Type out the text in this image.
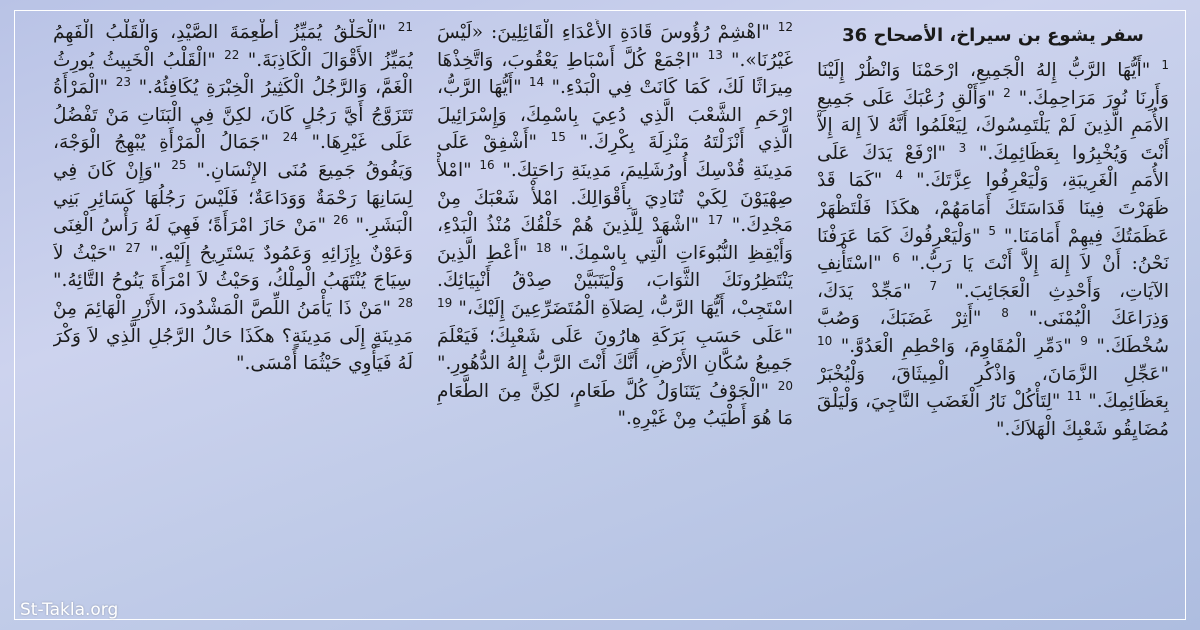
سفر يشوع بن سيراخ، الأصحاح 36
$^1$ "أَيُّهَا الرَّبُّ إِلهُ الْجَمِيعِ، ارْحَمْنَا وَانْظُرْ إِلَيْنَا وَأَرِنَا نُورَ مَرَاحِمِكَ." $^2$ "وَأَلْقِ رُعْبَكَ عَلَى جَمِيعِ الأُمَمِ الَّذِينَ لَمْ يَلْتَمِسُوكَ، لِيَعْلَمُوا أَنَّهُ لاَ إِلهَ إِلاَّ أَنْتَ وَيُخْبِرُوا بِعَظَائِمِكَ." $^3$ "ارْفَعْ يَدَكَ عَلَى الأُمَمِ الْغَرِيبَةِ، وَلْيَعْرِفُوا عِزَّتَكَ." $^4$ "كَمَا قَدْ ظَهَرْتَ فِينَا قَدَاسَتَكَ أَمَامَهُمْ، هكَذَا فَلْتَظْهَرْ عَظَمَتُكَ فِيهِمْ أَمَامَنَا." $^5$ "وَلْيَعْرِفُوكَ كَمَا عَرَفْنَا نَحْنُ: أَنْ لاَ إِلهَ إِلاَّ أَنْتَ يَا رَبُّ." $^6$ "اسْتَأْنِفِ الآيَاتِ، وَأَحْدِثِ الْعَجَائِبَ." $^7$ "مَجِّدْ يَدَكَ، وَذِرَاعَكَ الْيُمْنَى." $^8$ "أَثِرْ غَضَبَكَ، وَصُبَّ سُخْطَكَ." $^9$ "دَمِّرِ الْمُقَاوِمَ، وَاحْطِمِ الْعَدُوَّ." $^{10}$ "عَجِّلِ الزَّمَانَ، وَاذْكُرِ الْمِيثَاقَ، وَلْيُخْبَرْ بِعَظَائِمِكَ." $^{11}$ "لِتَأْكُلْ نَارُ الْغَضَبِ النَّاجِيَ، وَلْيَلْقَ مُضَايِقُو شَعْبِكَ الْهَلاَكَ."
$^{12}$ "اهْشِمْ رُؤُوسَ قَادَةِ الأَعْدَاءِ الْقَائِلِينَ: «لَيْسَ غَيْرُنَا»." $^{13}$ "اجْمَعْ كُلَّ أَسْبَاطِ يَعْقُوبَ، وَاتَّخِذْهَا مِيرَاثًا لَكَ، كَمَا كَانَتْ فِي الْبَدْءِ." $^{14}$ "أَيُّهَا الرَّبُّ، ارْحَمِ الشَّعْبَ الَّذِي دُعِيَ بِاسْمِكَ، وَإِسْرَائِيلَ الَّذِي أَنْزَلْتَهُ مَنْزِلَةَ بِكْرِكَ." $^{15}$ "أَشْفِقْ عَلَى مَدِينَةِ قُدْسِكَ أُورُشَلِيمَ، مَدِينَةِ رَاحَتِكَ." $^{16}$ "امْلأْ صِهْيَوْنَ لِكَيْ تُنَادِيَ بِأَقْوَالِكَ. امْلأْ شَعْبَكَ مِنْ مَجْدِكَ." $^{17}$ "اشْهَدْ لِلَّذِينَ هُمْ خَلْقُكَ مُنْذُ الْبَدْءِ، وَأَيْقِظِ النُّبُوءَاتِ الَّتِي بِاسْمِكَ." $^{18}$ "أَعْطِ الَّذِينَ يَنْتَظِرُونَكَ الثَّوَابَ، وَلْيَتَبَيَّنْ صِدْقُ أَنْبِيَائِكَ. اسْتَجِبْ، أَيُّهَا الرَّبُّ، لِصَلاَةِ الْمُتَضَرِّعِينَ إِلَيْكَ،" $^{19}$ "عَلَى حَسَبِ بَرَكَةِ هارُونَ عَلَى شَعْبِكَ؛ فَيَعْلَمَ جَمِيعُ سُكَّانِ الأَرْضِ، أَنَّكَ أَنْتَ الرَّبُّ إِلهُ الدُّهُورِ." $^{20}$ "الْجَوْفُ يَتَنَاوَلُ كُلَّ طَعَامٍ، لكِنَّ مِنَ الطَّعَامِ مَا هُوَ أَطْيَبُ مِنْ غَيْرِهِ."
$^{21}$ "الْحَلْقُ يُمَيِّزُ أَطْعِمَةَ الصَّيْدِ، وَالْقَلْبُ الْفَهِمُ يُمَيِّزُ الأَقْوَالَ الْكَاذِبَةَ." $^{22}$ "الْقَلْبُ الْخَبِيثُ يُورِثُ الْغَمَّ، وَالرَّجُلُ الْكَثِيرُ الْخِبْرَةِ يُكَافِئُهُ." $^{23}$ "الْمَرْأَةُ تَتَزَوَّجُ أَيَّ رَجُلٍ كَانَ، لكِنَّ فِي الْبَنَاتِ مَنْ تَفْضُلُ عَلَى غَيْرِهَا." $^{24}$ "جَمَالُ الْمَرْأَةِ يُبْهِجُ الْوَجْهَ، وَيَفُوقُ جَمِيعَ مُنَى الإِنْسَانِ." $^{25}$ "وَإِنْ كَانَ فِي لِسَانِهَا رَحْمَةٌ وَوَدَاعَةٌ؛ فَلَيْسَ رَجُلُهَا كَسَائِرِ بَنِي الْبَشَرِ." $^{26}$ "مَنْ حَازَ امْرَأَةً؛ فَهِيَ لَهُ رَأْسُ الْغِنَى وَعَوْنٌ بِإِزَائِهِ وَعَمُودٌ يَسْتَرِيحُ إِلَيْهِ." $^{27}$ "حَيْثُ لاَ سِيَاجَ يُنْتَهَبُ الْمِلْكُ، وَحَيْثُ لاَ امْرَأَةَ يَنُوحُ التَّائِهُ." $^{28}$ "مَنْ ذَا يَأْمَنُ اللِّصَّ الْمَشْدُودَ، الأَزْرِ الْهَائِمَ مِنْ مَدِينَةٍ إِلَى مَدِينَةٍ؟ هكَذَا حَالُ الرَّجُلِ الَّذِي لاَ وَكْرَ لَهُ فَيَأْوِي حَيْثُمَا أَمْسَى."
St-Takla.org
